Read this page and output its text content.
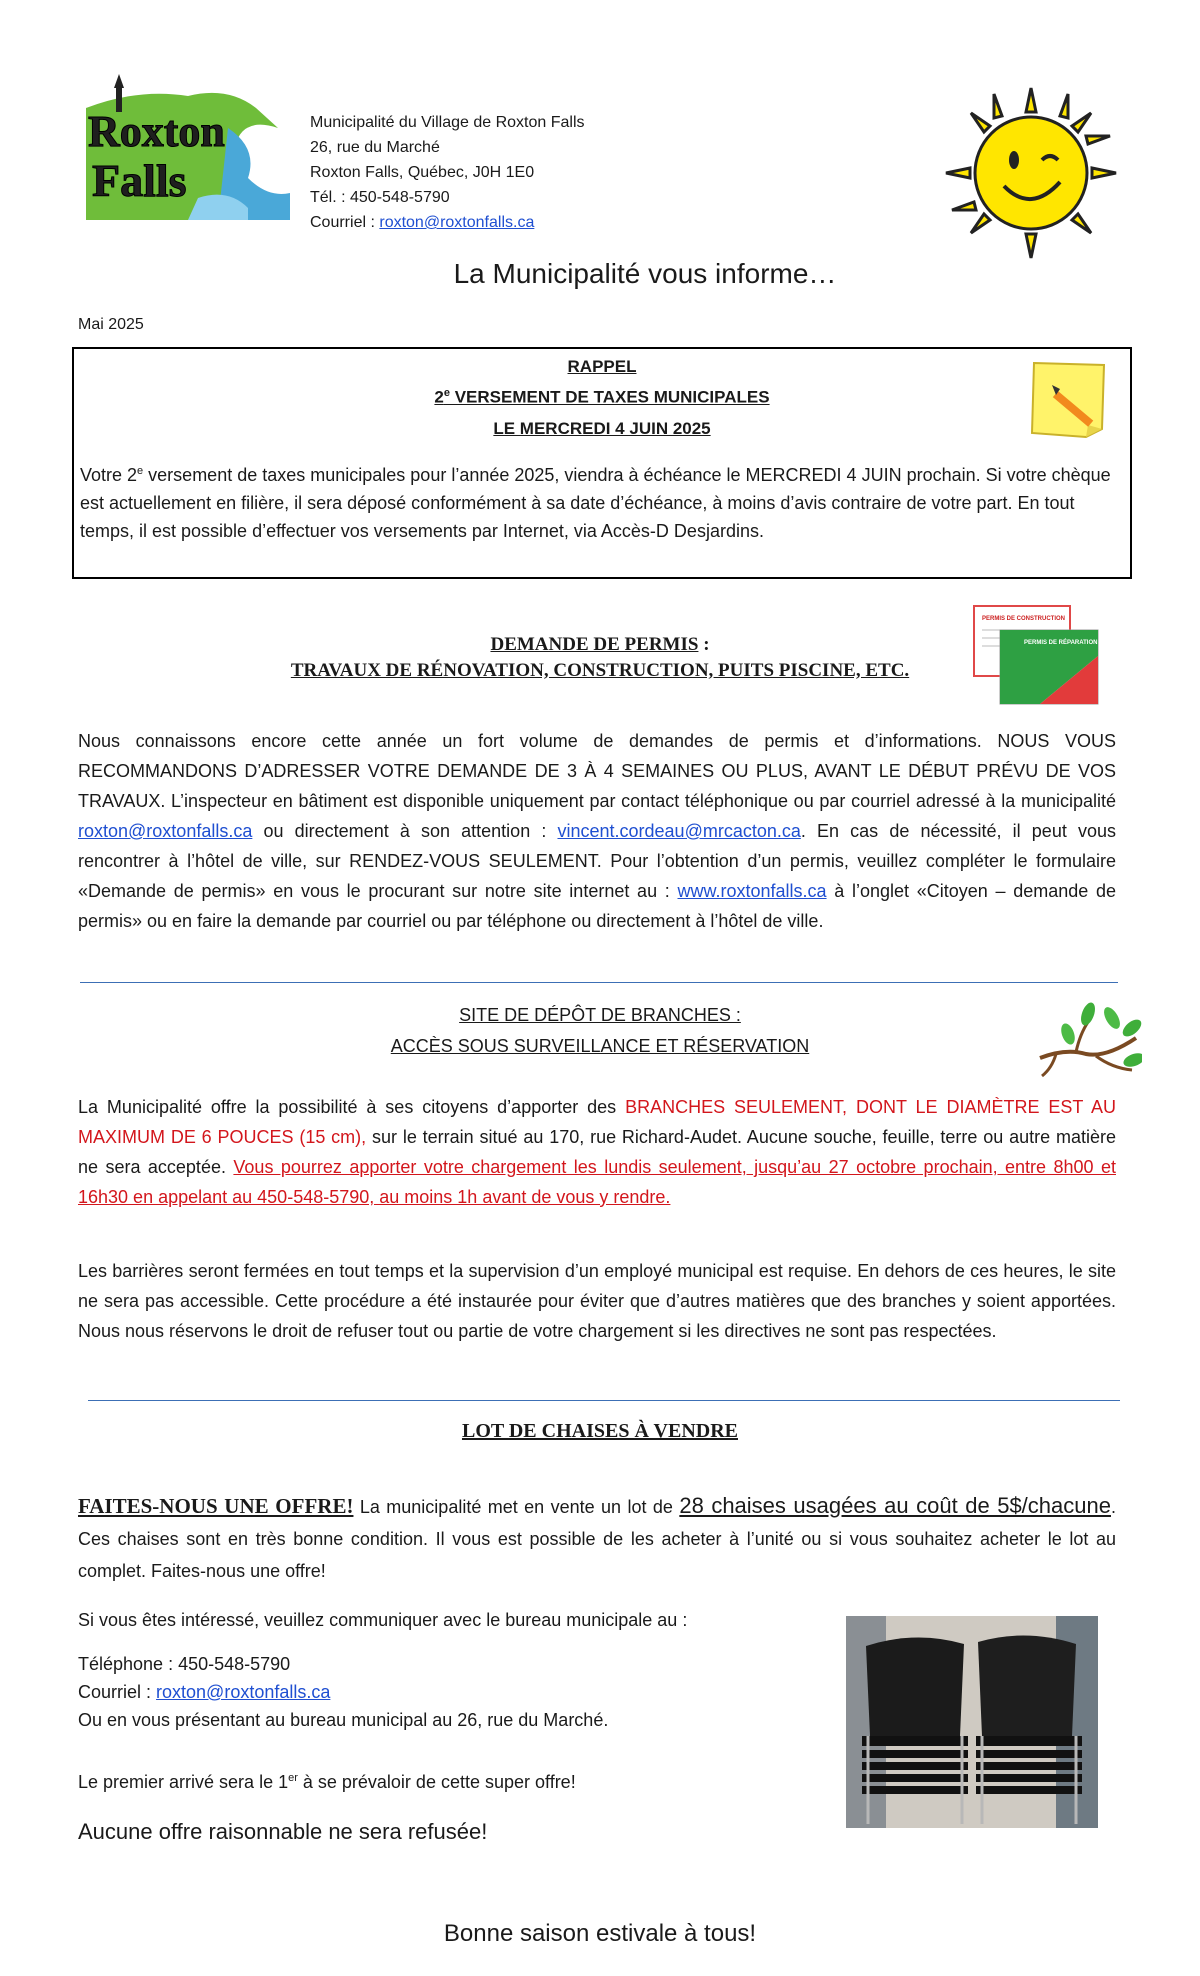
Roxton
Falls
Municipalité du Village de Roxton Falls
26, rue du Marché
Roxton Falls, Québec, J0H 1E0
Tél. : 450-548-5790
Courriel : roxton@roxtonfalls.ca
La Municipalité vous informe…
Mai 2025
RAPPEL
2e VERSEMENT DE TAXES MUNICIPALES
LE MERCREDI 4 JUIN 2025
Votre 2e versement de taxes municipales pour l’année 2025, viendra à échéance le MERCREDI 4 JUIN prochain. Si votre chèque est actuellement en filière, il sera déposé conformément à sa date d’échéance, à moins d’avis contraire de votre part. En tout temps, il est possible d’effectuer vos versements par Internet, via Accès-D Desjardins.
PERMIS DE CONSTRUCTION
PERMIS DE RÉPARATION
DEMANDE DE PERMIS :
TRAVAUX DE RÉNOVATION, CONSTRUCTION, PUITS PISCINE, ETC.
Nous connaissons encore cette année un fort volume de demandes de permis et d’informations. NOUS VOUS RECOMMANDONS D’ADRESSER VOTRE DEMANDE DE 3 À 4 SEMAINES OU PLUS, AVANT LE DÉBUT PRÉVU DE VOS TRAVAUX. L’inspecteur en bâtiment est disponible uniquement par contact téléphonique ou par courriel adressé à la municipalité roxton@roxtonfalls.ca ou directement à son attention : vincent.cordeau@mrcacton.ca. En cas de nécessité, il peut vous rencontrer à l’hôtel de ville, sur RENDEZ-VOUS SEULEMENT. Pour l’obtention d’un permis, veuillez compléter le formulaire «Demande de permis» en vous le procurant sur notre site internet au : www.roxtonfalls.ca à l’onglet «Citoyen – demande de permis» ou en faire la demande par courriel ou par téléphone ou directement à l’hôtel de ville.
SITE DE DÉPÔT DE BRANCHES :
ACCÈS SOUS SURVEILLANCE ET RÉSERVATION
La Municipalité offre la possibilité à ses citoyens d’apporter des BRANCHES SEULEMENT, DONT LE DIAMÈTRE EST AU MAXIMUM DE 6 POUCES (15 cm), sur le terrain situé au 170, rue Richard-Audet. Aucune souche, feuille, terre ou autre matière ne sera acceptée. Vous pourrez apporter votre chargement les lundis seulement, jusqu’au 27 octobre prochain, entre 8h00 et 16h30 en appelant au 450-548-5790, au moins 1h avant de vous y rendre.
Les barrières seront fermées en tout temps et la supervision d’un employé municipal est requise. En dehors de ces heures, le site ne sera pas accessible. Cette procédure a été instaurée pour éviter que d’autres matières que des branches y soient apportées. Nous nous réservons le droit de refuser tout ou partie de votre chargement si les directives ne sont pas respectées.
LOT DE CHAISES À VENDRE
FAITES-NOUS UNE OFFRE! La municipalité met en vente un lot de 28 chaises usagées au coût de 5$/chacune. Ces chaises sont en très bonne condition. Il vous est possible de les acheter à l’unité ou si vous souhaitez acheter le lot au complet. Faites-nous une offre!
Si vous êtes intéressé, veuillez communiquer avec le bureau municipale au :
Téléphone : 450-548-5790
Courriel : roxton@roxtonfalls.ca
Ou en vous présentant au bureau municipal au 26, rue du Marché.
Le premier arrivé sera le 1er à se prévaloir de cette super offre!
Aucune offre raisonnable ne sera refusée!
Bonne saison estivale à tous!
